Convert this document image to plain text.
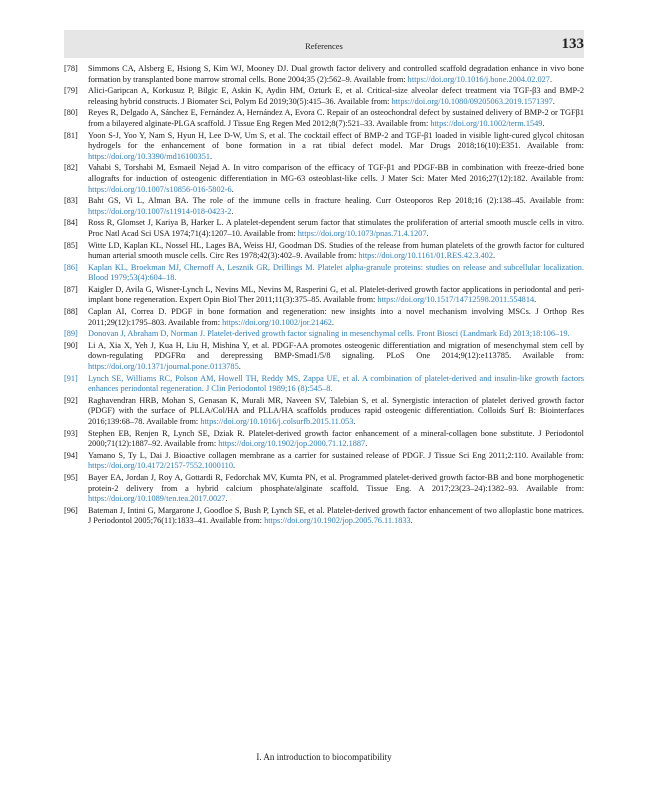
References	133
[78] Simmons CA, Alsberg E, Hsiong S, Kim WJ, Mooney DJ. Dual growth factor delivery and controlled scaffold degradation enhance in vivo bone formation by transplanted bone marrow stromal cells. Bone 2004;35 (2):562–9. Available from: https://doi.org/10.1016/j.bone.2004.02.027.
[79] Alici-Garipcan A, Korkusuz P, Bilgic E, Askin K, Aydin HM, Ozturk E, et al. Critical-size alveolar defect treatment via TGF-β3 and BMP-2 releasing hybrid constructs. J Biomater Sci, Polym Ed 2019;30(5):415–36. Available from: https://doi.org/10.1080/09205063.2019.1571397.
[80] Reyes R, Delgado A, Sánchez E, Fernández A, Hernández A, Evora C. Repair of an osteochondral defect by sustained delivery of BMP-2 or TGFβ1 from a bilayered alginate-PLGA scaffold. J Tissue Eng Regen Med 2012;8(7):521–33. Available from: https://doi.org/10.1002/term.1549.
[81] Yoon S-J, Yoo Y, Nam S, Hyun H, Lee D-W, Um S, et al. The cocktail effect of BMP-2 and TGF-β1 loaded in visible light-cured glycol chitosan hydrogels for the enhancement of bone formation in a rat tibial defect model. Mar Drugs 2018;16(10):E351. Available from: https://doi.org/10.3390/md16100351.
[82] Vahabi S, Torshabi M, Esmaeil Nejad A. In vitro comparison of the efficacy of TGF-β1 and PDGF-BB in combination with freeze-dried bone allografts for induction of osteogenic differentiation in MG-63 osteoblast-like cells. J Mater Sci: Mater Med 2016;27(12):182. Available from: https://doi.org/10.1007/s10856-016-5802-6.
[83] Baht GS, Vi L, Alman BA. The role of the immune cells in fracture healing. Curr Osteoporos Rep 2018;16 (2):138–45. Available from: https://doi.org/10.1007/s11914-018-0423-2.
[84] Ross R, Glomset J, Kariya B, Harker L. A platelet-dependent serum factor that stimulates the proliferation of arterial smooth muscle cells in vitro. Proc Natl Acad Sci USA 1974;71(4):1207–10. Available from: https://doi.org/10.1073/pnas.71.4.1207.
[85] Witte LD, Kaplan KL, Nossel HL, Lages BA, Weiss HJ, Goodman DS. Studies of the release from human platelets of the growth factor for cultured human arterial smooth muscle cells. Circ Res 1978;42(3):402–9. Available from: https://doi.org/10.1161/01.RES.42.3.402.
[86] Kaplan KL, Broekman MJ, Chernoff A, Lesznik GR, Drillings M. Platelet alpha-granule proteins: studies on release and subcellular localization. Blood 1979;53(4):604–18.
[87] Kaigler D, Avila G, Wisner-Lynch L, Nevins ML, Nevins M, Rasperini G, et al. Platelet-derived growth factor applications in periodontal and peri-implant bone regeneration. Expert Opin Biol Ther 2011;11(3):375–85. Available from: https://doi.org/10.1517/14712598.2011.554814.
[88] Caplan AI, Correa D. PDGF in bone formation and regeneration: new insights into a novel mechanism involving MSCs. J Orthop Res 2011;29(12):1795–803. Available from: https://doi.org/10.1002/jor.21462.
[89] Donovan J, Abraham D, Norman J. Platelet-derived growth factor signaling in mesenchymal cells. Front Biosci (Landmark Ed) 2013;18:106–19.
[90] Li A, Xia X, Yeh J, Kua H, Liu H, Mishina Y, et al. PDGF-AA promotes osteogenic differentiation and migration of mesenchymal stem cell by down-regulating PDGFRα and derepressing BMP-Smad1/5/8 signaling. PLoS One 2014;9(12):e113785. Available from: https://doi.org/10.1371/journal.pone.0113785.
[91] Lynch SE, Williams RC, Polson AM, Howell TH, Reddy MS, Zappa UE, et al. A combination of platelet-derived and insulin-like growth factors enhances periodontal regeneration. J Clin Periodontol 1989;16 (8):545–8.
[92] Raghavendran HRB, Mohan S, Genasan K, Murali MR, Naveen SV, Talebian S, et al. Synergistic interaction of platelet derived growth factor (PDGF) with the surface of PLLA/Col/HA and PLLA/HA scaffolds produces rapid osteogenic differentiation. Colloids Surf B: Biointerfaces 2016;139:68–78. Available from: https://doi.org/10.1016/j.colsurfb.2015.11.053.
[93] Stephen EB, Renjen R, Lynch SE, Dziak R. Platelet-derived growth factor enhancement of a mineral-collagen bone substitute. J Periodontol 2000;71(12):1887–92. Available from: https://doi.org/10.1902/jop.2000.71.12.1887.
[94] Yamano S, Ty L, Dai J. Bioactive collagen membrane as a carrier for sustained release of PDGF. J Tissue Sci Eng 2011;2:110. Available from: https://doi.org/10.4172/2157-7552.1000110.
[95] Bayer EA, Jordan J, Roy A, Gottardi R, Fedorchak MV, Kumta PN, et al. Programmed platelet-derived growth factor-BB and bone morphogenetic protein-2 delivery from a hybrid calcium phosphate/alginate scaffold. Tissue Eng. A 2017;23(23–24):1382–93. Available from: https://doi.org/10.1089/ten.tea.2017.0027.
[96] Bateman J, Intini G, Margarone J, Goodloe S, Bush P, Lynch SE, et al. Platelet-derived growth factor enhancement of two alloplastic bone matrices. J Periodontol 2005;76(11):1833–41. Available from: https://doi.org/10.1902/jop.2005.76.11.1833.
I. An introduction to biocompatibility
